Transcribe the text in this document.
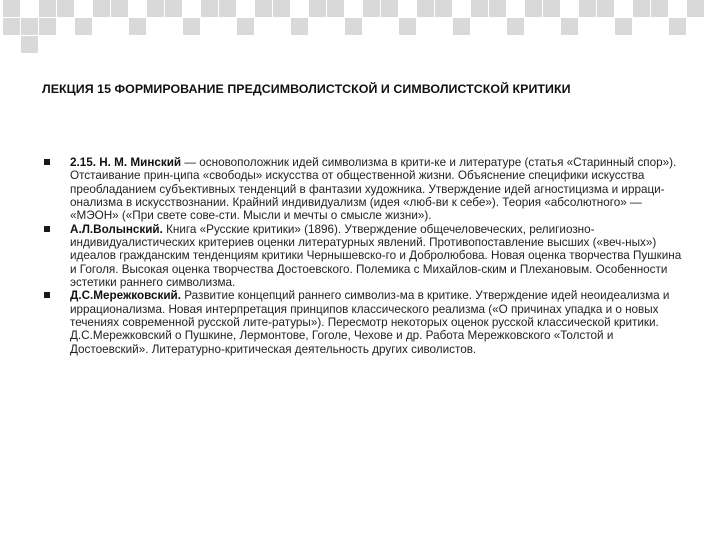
ЛЕКЦИЯ 15 ФОРМИРОВАНИЕ ПРЕДСИМВОЛИСТСКОЙ И СИМВОЛИСТСКОЙ КРИТИКИ
2.15. Н. М. Минский — основоположник идей символизма в крити-ке и литературе (статья «Старинный спор»). Отстаивание прин-ципа «свободы» искусства от общественной жизни. Объяснение специфики искусства преобладанием субъективных тенденций в фантазии художника. Утверждение идей агностицизма и ирраци-онализма в искусствознании. Крайний индивидуализм (идея «люб-ви к себе»). Теория «абсолютного» — «МЭОН» («При свете сове-сти. Мысли и мечты о смысле жизни»).
А.Л.Волынский. Книга «Русские критики» (1896). Утверждение общечеловеческих, религиозно-индивидуалистических критериев оценки литературных явлений. Противопоставление высших («веч-ных») идеалов гражданским тенденциям критики Чернышевско-го и Добролюбова. Новая оценка творчества Пушкина и Гоголя. Высокая оценка творчества Достоевского. Полемика с Михайлов-ским и Плехановым. Особенности эстетики раннего символизма.
Д.С.Мережковский. Развитие концепций раннего символиз-ма в критике. Утверждение идей неоидеализма и иррационализма. Новая интерпретация принципов классического реализма («О причинах упадка и о новых течениях современной русской лите-ратуры»). Пересмотр некоторых оценок русской классической критики. Д.С.Мережковский о Пушкине, Лермонтове, Гоголе, Чехове и др. Работа Мережковского «Толстой и Достоевский». Литературно-критическая деятельность других сиволистов.
